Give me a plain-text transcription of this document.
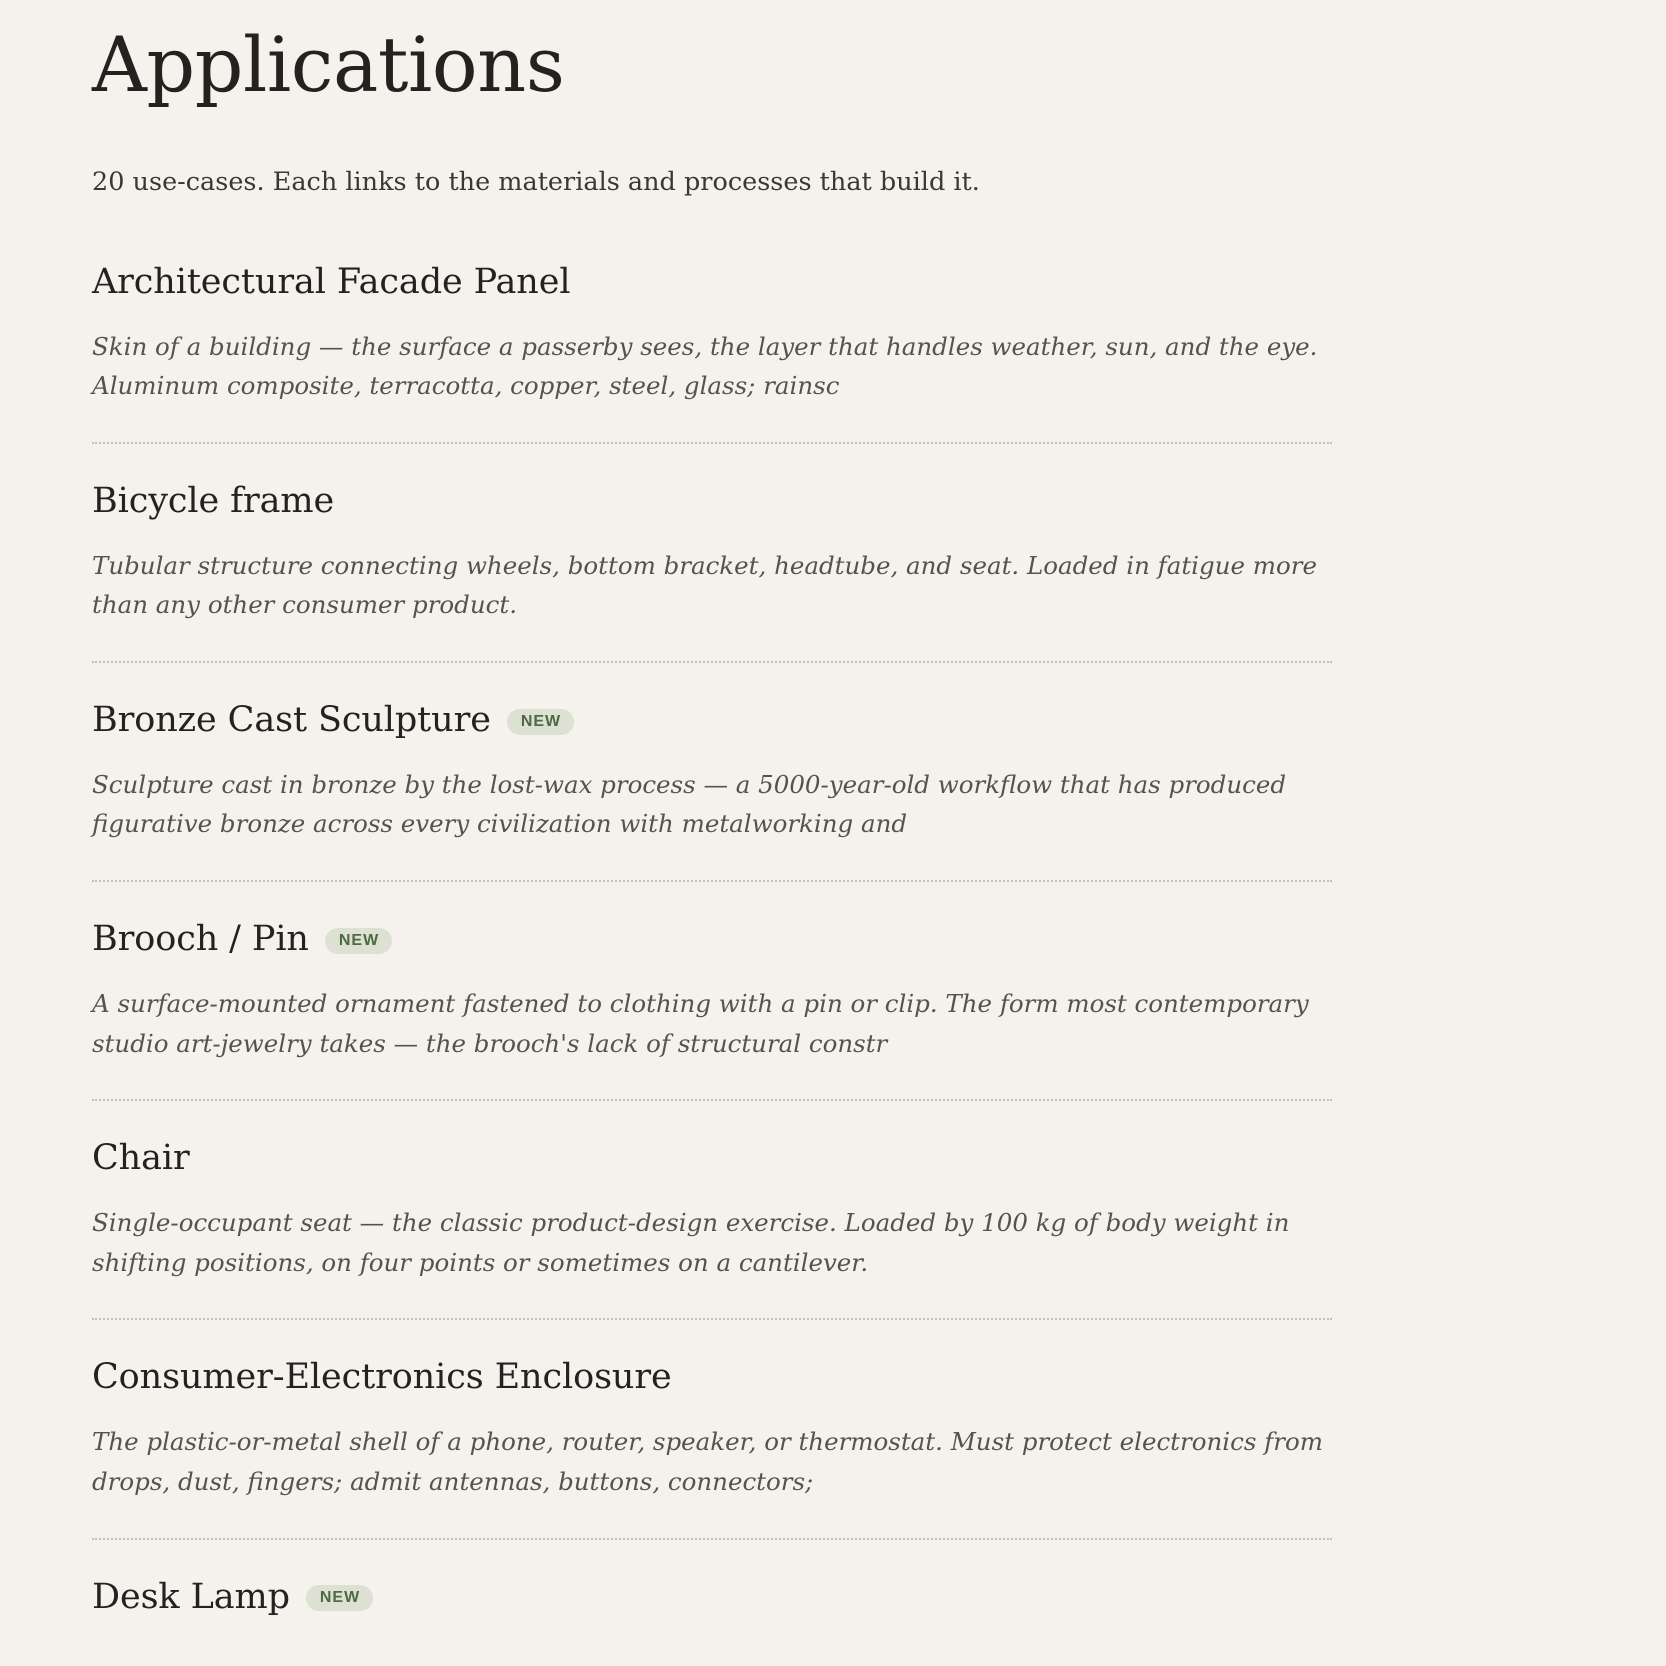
Applications

20 use-cases. Each links to the materials and processes that build it.

Architectural Facade Panel

Skin of a building — the surface a passerby sees, the layer that handles weather, sun, and the eye. Aluminum composite, terracotta, copper, steel, glass; rainsc

Bicycle frame

Tubular structure connecting wheels, bottom bracket, headtube, and seat. Loaded in fatigue more than any other consumer product.

Bronze Cast Sculpture	NEW

Sculpture cast in bronze by the lost-wax process — a 5000-year-old workflow that has produced figurative bronze across every civilization with metalworking and

Brooch / Pin	NEW

A surface-mounted ornament fastened to clothing with a pin or clip. The form most contemporary studio art-jewelry takes — the brooch's lack of structural constr

Chair

Single-occupant seat — the classic product-design exercise. Loaded by 100 kg of body weight in shifting positions, on four points or sometimes on a cantilever.

Consumer-Electronics Enclosure

The plastic-or-metal shell of a phone, router, speaker, or thermostat. Must protect electronics from drops, dust, fingers; admit antennas, buttons, connectors;

Desk Lamp	NEW
